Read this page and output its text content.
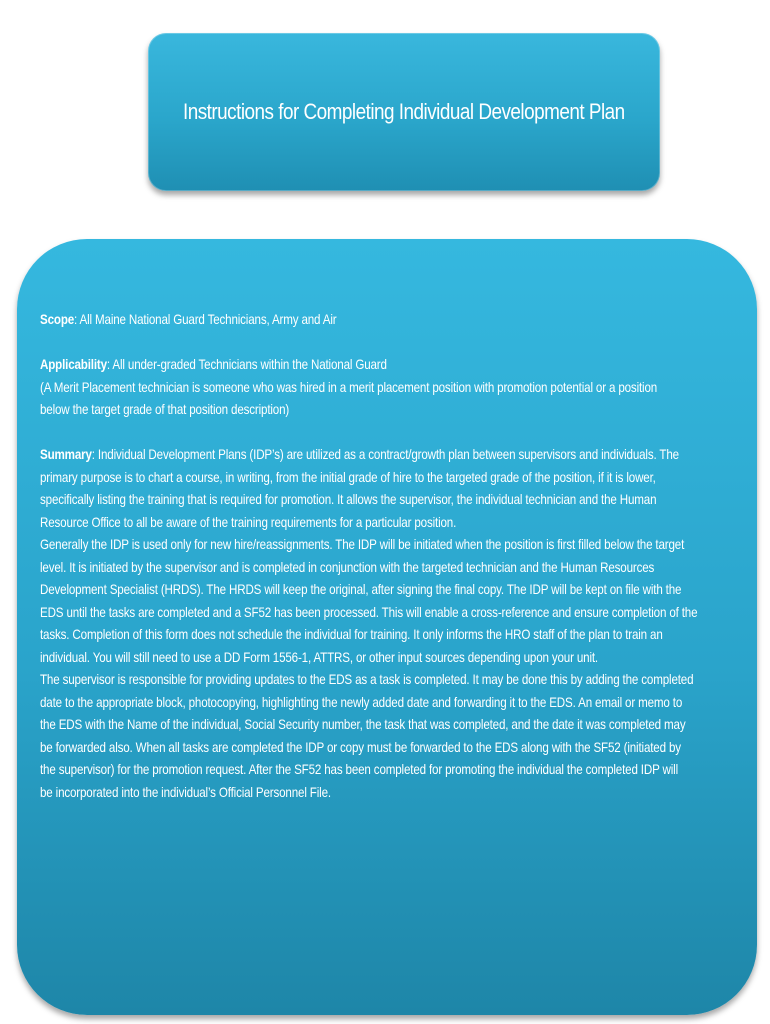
Instructions for Completing Individual Development Plan
Scope: All Maine National Guard Technicians, Army and Air
Applicability: All under-graded Technicians within the National Guard
(A Merit Placement technician is someone who was hired in a merit placement position with promotion potential or a position
below the target grade of that position description)
Summary: Individual Development Plans (IDP’s) are utilized as a contract/growth plan between supervisors and individuals. The
primary purpose is to chart a course, in writing, from the initial grade of hire to the targeted grade of the position, if it is lower,
specifically listing the training that is required for promotion. It allows the supervisor, the individual technician and the Human
Resource Office to all be aware of the training requirements for a particular position.
Generally the IDP is used only for new hire/reassignments. The IDP will be initiated when the position is first filled below the target
level. It is initiated by the supervisor and is completed in conjunction with the targeted technician and the Human Resources
Development Specialist (HRDS). The HRDS will keep the original, after signing the final copy. The IDP will be kept on file with the
EDS until the tasks are completed and a SF52 has been processed. This will enable a cross-reference and ensure completion of the
tasks. Completion of this form does not schedule the individual for training. It only informs the HRO staff of the plan to train an
individual. You will still need to use a DD Form 1556-1, ATTRS, or other input sources depending upon your unit.
The supervisor is responsible for providing updates to the EDS as a task is completed. It may be done this by adding the completed
date to the appropriate block, photocopying, highlighting the newly added date and forwarding it to the EDS. An email or memo to
the EDS with the Name of the individual, Social Security number, the task that was completed, and the date it was completed may
be forwarded also. When all tasks are completed the IDP or copy must be forwarded to the EDS along with the SF52 (initiated by
the supervisor) for the promotion request. After the SF52 has been completed for promoting the individual the completed IDP will
be incorporated into the individual’s Official Personnel File.
